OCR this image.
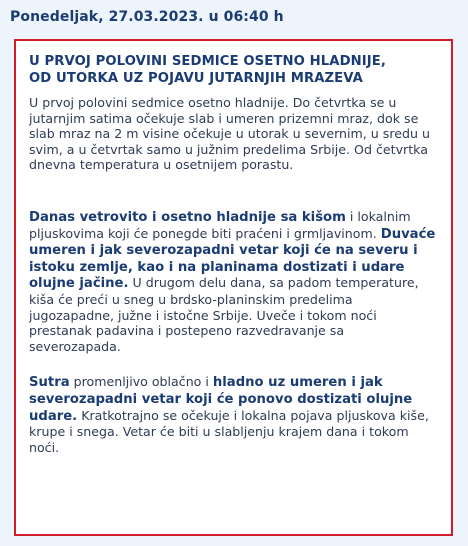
Ponedeljak, 27.03.2023. u 06:40 h
U PRVOJ POLOVINI SEDMICE OSETNO HLADNIJE,
OD UTORKA UZ POJAVU JUTARNJIH MRAZEVA

U prvoj polovini sedmice osetno hladnije. Do četvrtka se u jutarnjim satima očekuje slab i umeren prizemni mraz, dok se slab mraz na 2 m visine očekuje u utorak u severnim, u sredu u svim, a u četvrtak samo u južnim predelima Srbije. Od četvrtka dnevna temperatura u osetnijem porastu.

Danas vetrovito i osetno hladnije sa kišom i lokalnim pljuskovima koji će ponegde biti praćeni i grmljavinom. Duvaće umeren i jak severozapadni vetar koji će na severu i istoku zemlje, kao i na planinama dostizati i udare olujne jačine. U drugom delu dana, sa padom temperature, kiša će preći u sneg u brdsko-planinskim predelima jugozapadne, južne i istočne Srbije. Uveče i tokom noći prestanak padavina i postepeno razvedravanje sa severozapada.

Sutra promenljivo oblačno i hladno uz umeren i jak severozapadni vetar koji će ponovo dostizati olujne udare. Kratkotrajno se očekuje i lokalna pojava pljuskova kiše, krupe i snega. Vetar će biti u slabljenju krajem dana i tokom noći.
